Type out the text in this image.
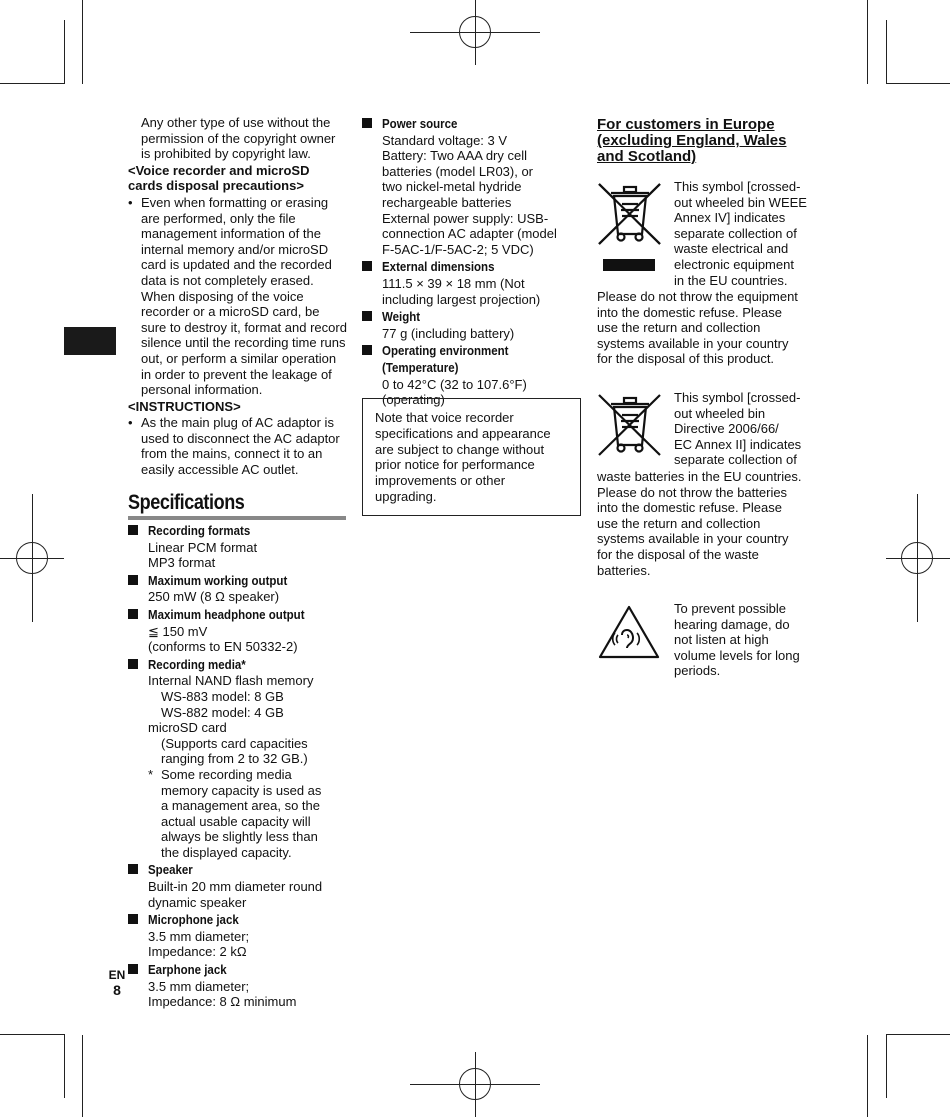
Any other type of use without the

permission of the copyright owner

is prohibited by copyright law.

<Voice recorder and microSD

cards disposal precautions>

• Even when formatting or erasing

are performed, only the file

management information of the

internal memory and/or microSD

card is updated and the recorded

data is not completely erased.

When disposing of the voice

recorder or a microSD card, be

sure to destroy it, format and record

silence until the recording time runs

out, or perform a similar operation

in order to prevent the leakage of

personal information.

<INSTRUCTIONS>

• As the main plug of AC adaptor is

used to disconnect the AC adaptor

from the mains, connect it to an

easily accessible AC outlet.

Specifications
Recording formats

Linear PCM format

MP3 format

Maximum working output

250 mW (8 Ω speaker)

Maximum headphone output

≦ 150 mV

(conforms to EN 50332-2)

Recording media*

Internal NAND flash memory

WS-883 model: 8 GB

WS-882 model: 4 GB

microSD card

(Supports card capacities

ranging from 2 to 32 GB.)

* Some recording media

memory capacity is used as

a management area, so the

actual usable capacity will

always be slightly less than

the displayed capacity.

Speaker

Built-in 20 mm diameter round

dynamic speaker

Microphone jack

3.5 mm diameter;

Impedance: 2 kΩ

Earphone jack

3.5 mm diameter;

Impedance: 8 Ω minimum

EN
8
Power source

Standard voltage: 3 V

Battery: Two AAA dry cell

batteries (model LR03), or

two nickel-metal hydride

rechargeable batteries

External power supply: USB-

connection AC adapter (model

F-5AC-1/F-5AC-2; 5 VDC)

External dimensions

111.5 × 39 × 18 mm (Not

including largest projection)

Weight

77 g (including battery)

Operating environment
(Temperature)

0 to 42°C (32 to 107.6°F)

(operating)

Note that voice recorder

specifications and appearance

are subject to change without

prior notice for performance

improvements or other

upgrading.

For customers in Europe
(excluding England, Wales
and Scotland)

This symbol [crossed-

out wheeled bin WEEE

Annex IV] indicates

separate collection of

waste electrical and

electronic equipment

in the EU countries.

Please do not throw the equipment

into the domestic refuse. Please

use the return and collection

systems available in your country

for the disposal of this product.

This symbol [crossed-

out wheeled bin

Directive 2006/66/

EC Annex II] indicates

separate collection of

waste batteries in the EU countries.

Please do not throw the batteries

into the domestic refuse. Please

use the return and collection

systems available in your country

for the disposal of the waste

batteries.

To prevent possible

hearing damage, do

not listen at high

volume levels for long

periods.
